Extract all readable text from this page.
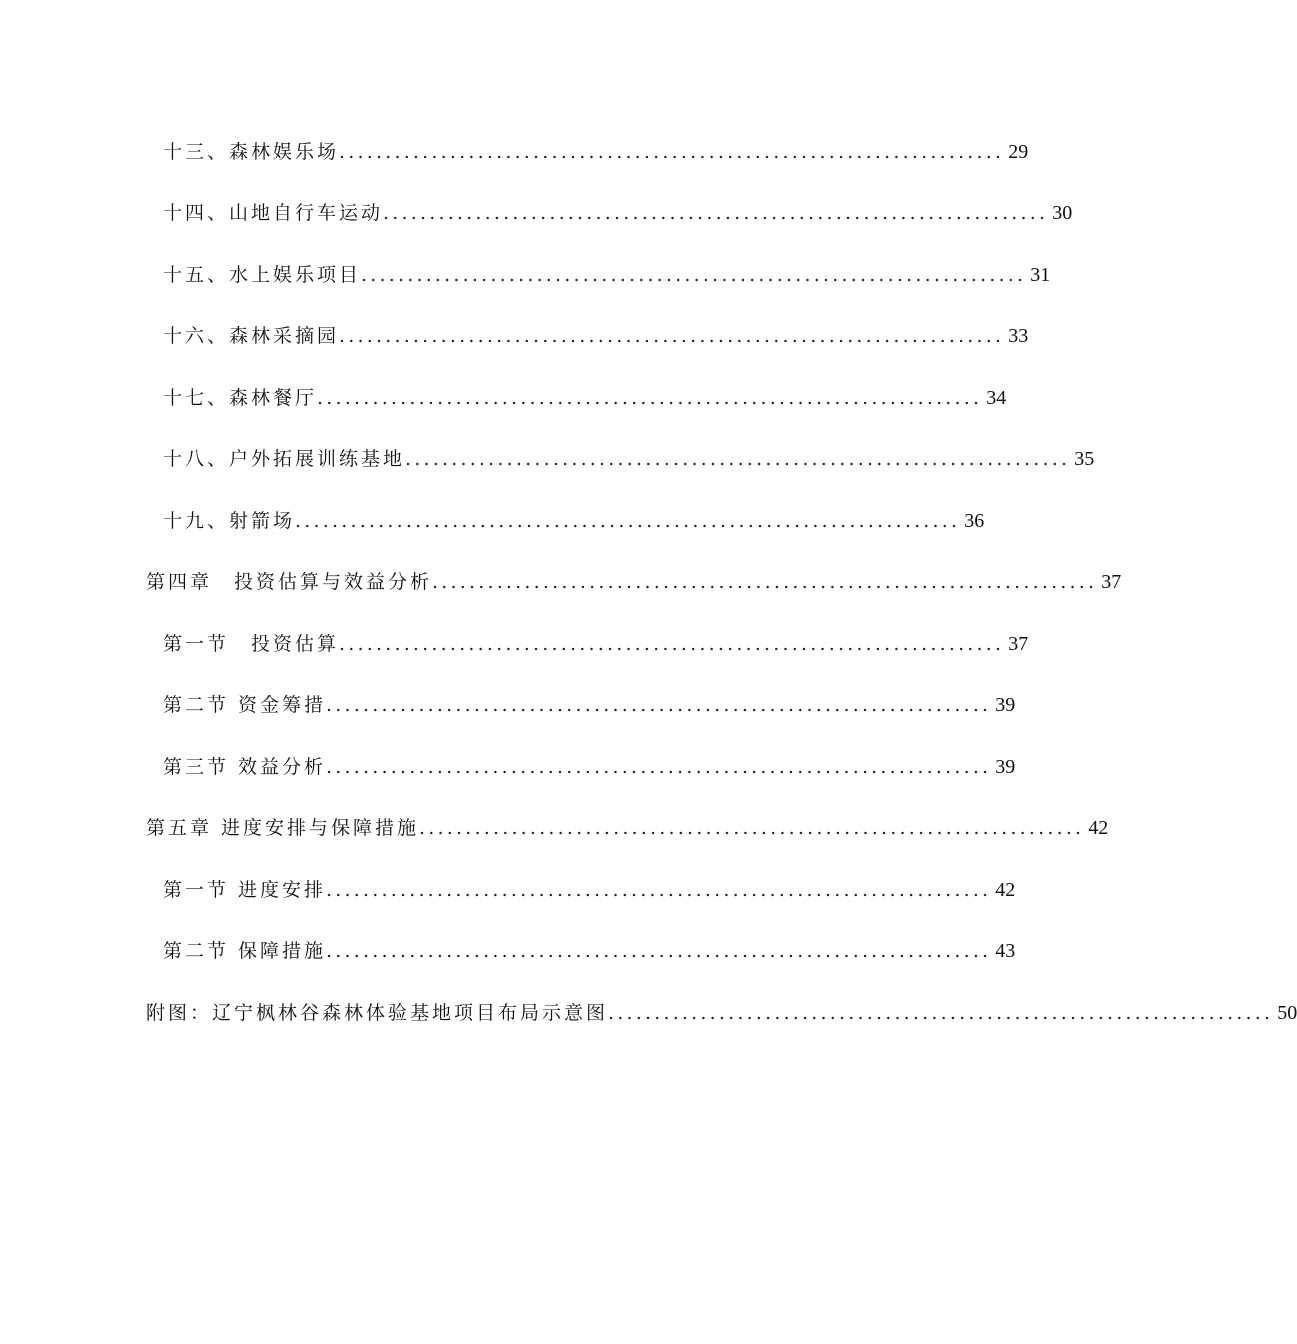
十三、森林娱乐场 ........................................................................ 29
十四、山地自行车运动 ........................................................................ 30
十五、水上娱乐项目 ........................................................................ 31
十六、森林采摘园 ........................................................................ 33
十七、森林餐厅 ........................................................................ 34
十八、户外拓展训练基地 ........................................................................ 35
十九、射箭场 ........................................................................ 36
第四章　投资估算与效益分析 ........................................................................ 37
第一节　投资估算 ........................................................................ 37
第二节 资金筹措 ........................................................................ 39
第三节 效益分析 ........................................................................ 39
第五章 进度安排与保障措施 ........................................................................ 42
第一节 进度安排 ........................................................................ 42
第二节 保障措施 ........................................................................ 43
附图：辽宁枫林谷森林体验基地项目布局示意图 ........................................................................ 50
